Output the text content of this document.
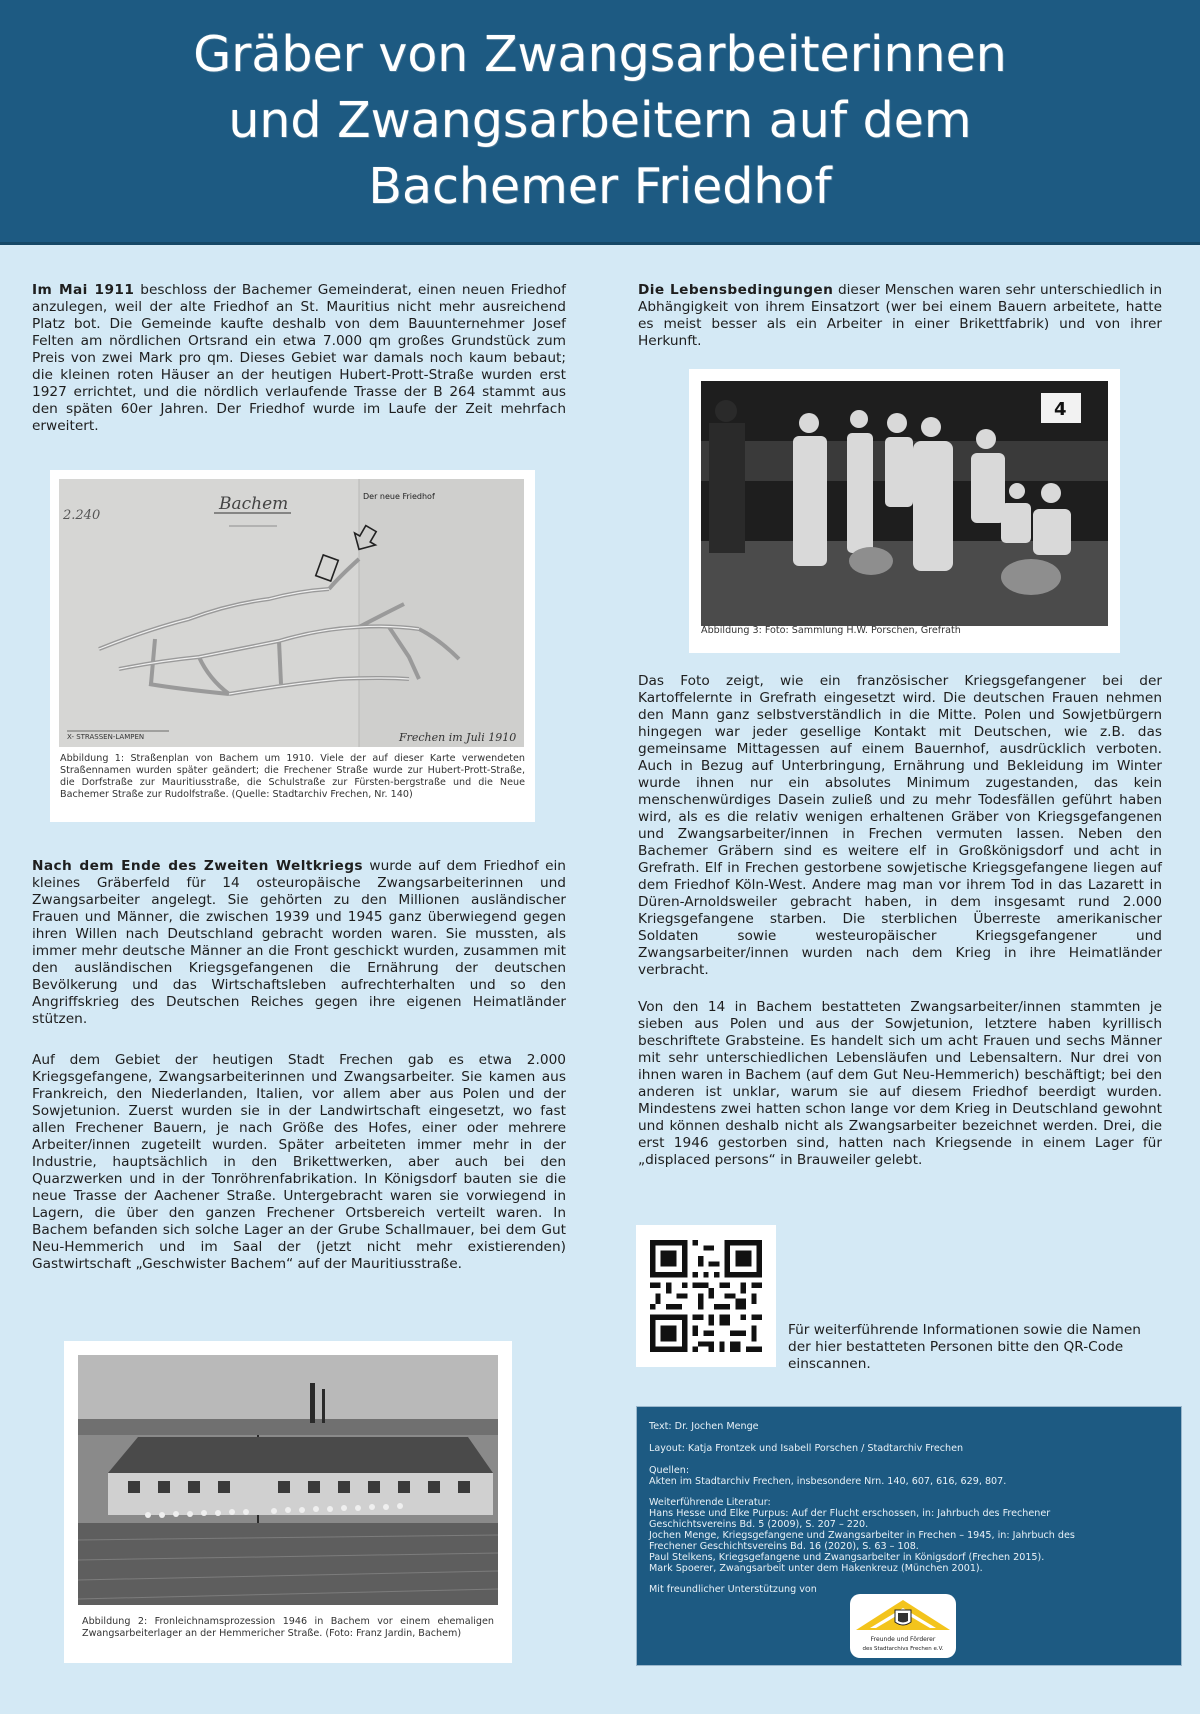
Gräber von Zwangsarbeiterinnen
und Zwangsarbeitern auf dem
Bachemer Friedhof

Im Mai 1911 beschloss der Bachemer Gemeinderat, einen neuen Friedhof anzulegen, weil der alte Friedhof an St. Mauritius nicht mehr ausreichend Platz bot. Die Gemeinde kaufte deshalb von dem Bauunternehmer Josef Felten am nördlichen Ortsrand ein etwa 7.000 qm großes Grundstück zum Preis von zwei Mark pro qm. Dieses Gebiet war damals noch kaum bebaut; die kleinen roten Häuser an der heutigen Hubert-Prott-Straße wurden erst 1927 errichtet, und die nördlich verlaufende Trasse der B 264 stammt aus den späten 60er Jahren. Der Friedhof wurde im Laufe der Zeit mehrfach erweitert.

2.240
Bachem	Der neue Friedhof
X- STRASSEN-LAMPEN	Frechen im Juli 1910
Abbildung 1: Straßenplan von Bachem um 1910. Viele der auf dieser Karte verwendeten Straßennamen wurden später geändert; die Frechener Straße wurde zur Hubert-Prott-Straße, die Dorfstraße zur Mauritiusstraße, die Schulstraße zur Fürsten-bergstraße und die Neue Bachemer Straße zur Rudolfstraße. (Quelle: Stadtarchiv Frechen, Nr. 140)

Nach dem Ende des Zweiten Weltkriegs wurde auf dem Friedhof ein kleines Gräberfeld für 14 osteuropäische Zwangsarbeiterinnen und Zwangsarbeiter angelegt. Sie gehörten zu den Millionen ausländischer Frauen und Männer, die zwischen 1939 und 1945 ganz überwiegend gegen ihren Willen nach Deutschland gebracht worden waren. Sie mussten, als immer mehr deutsche Männer an die Front geschickt wurden, zusammen mit den ausländischen Kriegsgefangenen die Ernährung der deutschen Bevölkerung und das Wirtschaftsleben aufrechterhalten und so den Angriffskrieg des Deutschen Reiches gegen ihre eigenen Heimatländer stützen.

Auf dem Gebiet der heutigen Stadt Frechen gab es etwa 2.000 Kriegsgefangene, Zwangsarbeiterinnen und Zwangsarbeiter. Sie kamen aus Frankreich, den Niederlanden, Italien, vor allem aber aus Polen und der Sowjetunion. Zuerst wurden sie in der Landwirtschaft eingesetzt, wo fast allen Frechener Bauern, je nach Größe des Hofes, einer oder mehrere Arbeiter/innen zugeteilt wurden. Später arbeiteten immer mehr in der Industrie, hauptsächlich in den Brikettwerken, aber auch bei den Quarzwerken und in der Tonröhrenfabrikation. In Königsdorf bauten sie die neue Trasse der Aachener Straße. Untergebracht waren sie vorwiegend in Lagern, die über den ganzen Frechener Ortsbereich verteilt waren. In Bachem befanden sich solche Lager an der Grube Schallmauer, bei dem Gut Neu-Hemmerich und im Saal der (jetzt nicht mehr existierenden) Gastwirtschaft „Geschwister Bachem“ auf der Mauritiusstraße.
Abbildung 2: Fronleichnamsprozession 1946 in Bachem vor einem ehemaligen Zwangsarbeiterlager an der Hemmericher Straße. (Foto: Franz Jardin, Bachem)

Die Lebensbedingungen dieser Menschen waren sehr unterschiedlich in Abhängigkeit von ihrem Einsatzort (wer bei einem Bauern arbeitete, hatte es meist besser als ein Arbeiter in einer Brikettfabrik) und von ihrer Herkunft.

4
Abbildung 3: Foto: Sammlung H.W. Porschen, Grefrath
Das Foto zeigt, wie ein französischer Kriegsgefangener bei der Kartoffelernte in Grefrath eingesetzt wird. Die deutschen Frauen nehmen den Mann ganz selbstverständlich in die Mitte. Polen und Sowjetbürgern hingegen war jeder gesellige Kontakt mit Deutschen, wie z.B. das gemeinsame Mittagessen auf einem Bauernhof, ausdrücklich verboten. Auch in Bezug auf Unterbringung, Ernährung und Bekleidung im Winter wurde ihnen nur ein absolutes Minimum zugestanden, das kein menschenwürdiges Dasein zuließ und zu mehr Todesfällen geführt haben wird, als es die relativ wenigen erhaltenen Gräber von Kriegsgefangenen und Zwangsarbeiter/innen in Frechen vermuten lassen. Neben den Bachemer Gräbern sind es weitere elf in Großkönigsdorf und acht in Grefrath. Elf in Frechen gestorbene sowjetische Kriegsgefangene liegen auf dem Friedhof Köln-West. Andere mag man vor ihrem Tod in das Lazarett in Düren-Arnoldsweiler gebracht haben, in dem insgesamt rund 2.000 Kriegsgefangene starben. Die sterblichen Überreste amerikanischer Soldaten sowie westeuropäischer Kriegsgefangener und Zwangsarbeiter/innen wurden nach dem Krieg in ihre Heimatländer verbracht.
Von den 14 in Bachem bestatteten Zwangsarbeiter/innen stammten je sieben aus Polen und aus der Sowjetunion, letztere haben kyrillisch beschriftete Grabsteine. Es handelt sich um acht Frauen und sechs Männer mit sehr unterschiedlichen Lebensläufen und Lebensaltern. Nur drei von ihnen waren in Bachem (auf dem Gut Neu-Hemmerich) beschäftigt; bei den anderen ist unklar, warum sie auf diesem Friedhof beerdigt wurden. Mindestens zwei hatten schon lange vor dem Krieg in Deutschland gewohnt und können deshalb nicht als Zwangsarbeiter bezeichnet werden. Drei, die erst 1946 gestorben sind, hatten nach Kriegsende in einem Lager für „displaced persons“ in Brauweiler gelebt.
Für weiterführende Informationen sowie die Namen der hier bestatteten Personen bitte den QR-Code einscannen.
Text: Dr. Jochen Menge
Layout: Katja Frontzek und Isabell Porschen / Stadtarchiv Frechen
Quellen:
Akten im Stadtarchiv Frechen, insbesondere Nrn. 140, 607, 616, 629, 807.
Weiterführende Literatur:
Hans Hesse und Elke Purpus: Auf der Flucht erschossen, in: Jahrbuch des Frechener
Geschichtsvereins Bd. 5 (2009), S. 207 – 220.
Jochen Menge, Kriegsgefangene und Zwangsarbeiter in Frechen – 1945, in: Jahrbuch des
Frechener Geschichtsvereins Bd. 16 (2020), S. 63 – 108.
Paul Stelkens, Kriegsgefangene und Zwangsarbeiter in Königsdorf (Frechen 2015).
Mark Spoerer, Zwangsarbeit unter dem Hakenkreuz (München 2001).
Mit freundlicher Unterstützung von
Freunde und Förderer
des Stadtarchivs Frechen e.V.
